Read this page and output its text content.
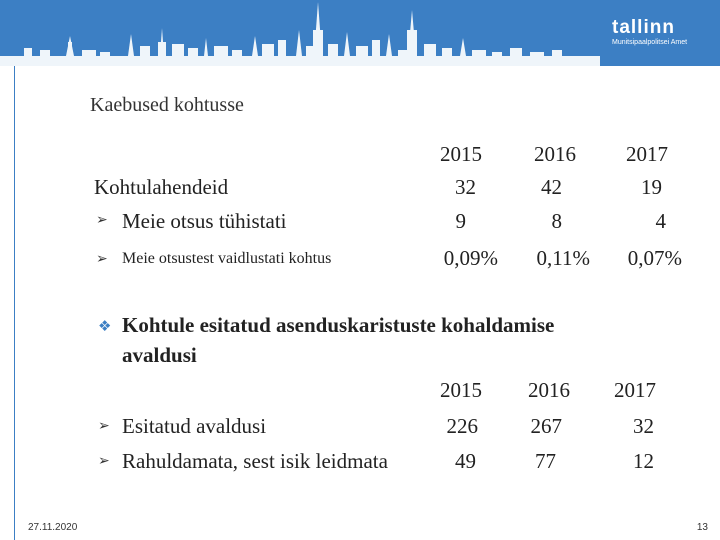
tallinn
Munitsipaalpolitsei Amet
Kaebused kohtusse
2015	2016	2017
Kohtulahendeid	32	42	19
➢ Meie otsus tühistati	9	8	4
➢ Meie otsustest vaidlustati kohtus	0,09%	0,11%	0,07%
❖ Kohtule esitatud asenduskaristuste kohaldamise
avaldusi
2015	2016	2017
➢ Esitatud avaldusi	226	267	32
➢ Rahuldamata, sest isik leidmata	49	77	12
27.11.2020	13
